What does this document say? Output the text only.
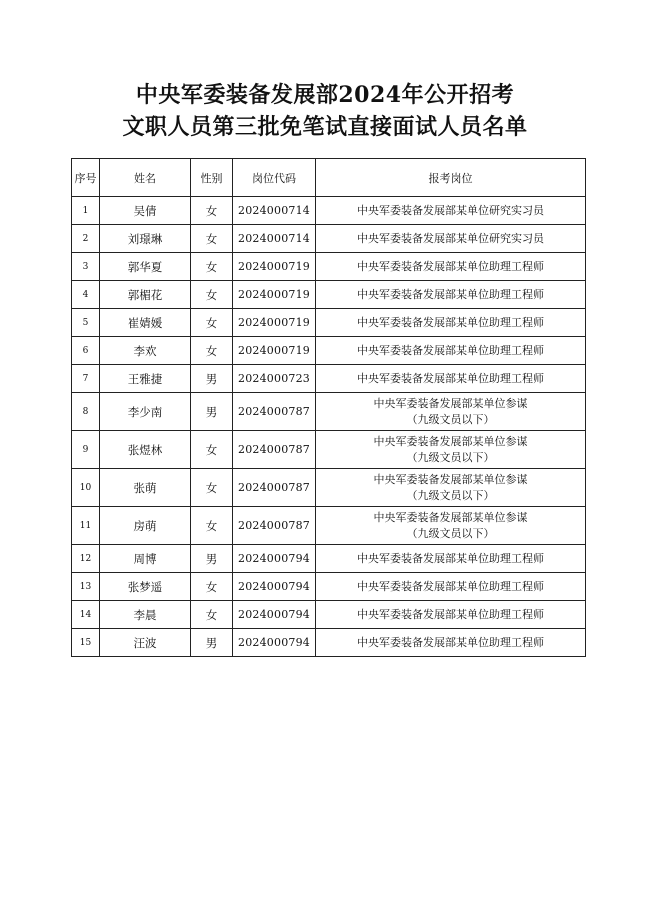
中央军委装备发展部2024年公开招考
文职人员第三批免笔试直接面试人员名单
序号	姓名	性别	岗位代码	报考岗位
1	吴倩	女	2024000714	中央军委装备发展部某单位研究实习员

2	刘璟琳	女	2024000714	中央军委装备发展部某单位研究实习员

3	郭华夏	女	2024000719	中央军委装备发展部某单位助理工程师

4	郭楣花	女	2024000719	中央军委装备发展部某单位助理工程师

5	崔婧媛	女	2024000719	中央军委装备发展部某单位助理工程师

6	李欢	女	2024000719	中央军委装备发展部某单位助理工程师

7	王雅捷	男	2024000723	中央军委装备发展部某单位助理工程师

8	李少南	男	2024000787	中央军委装备发展部某单位参谋
（九级文员以下）

9	张煜林	女	2024000787	中央军委装备发展部某单位参谋
（九级文员以下）

10	张萌	女	2024000787	中央军委装备发展部某单位参谋
（九级文员以下）

11	房萌	女	2024000787	中央军委装备发展部某单位参谋
（九级文员以下）

12	周博	男	2024000794	中央军委装备发展部某单位助理工程师

13	张梦遥	女	2024000794	中央军委装备发展部某单位助理工程师

14	李晨	女	2024000794	中央军委装备发展部某单位助理工程师

15	汪波	男	2024000794	中央军委装备发展部某单位助理工程师
